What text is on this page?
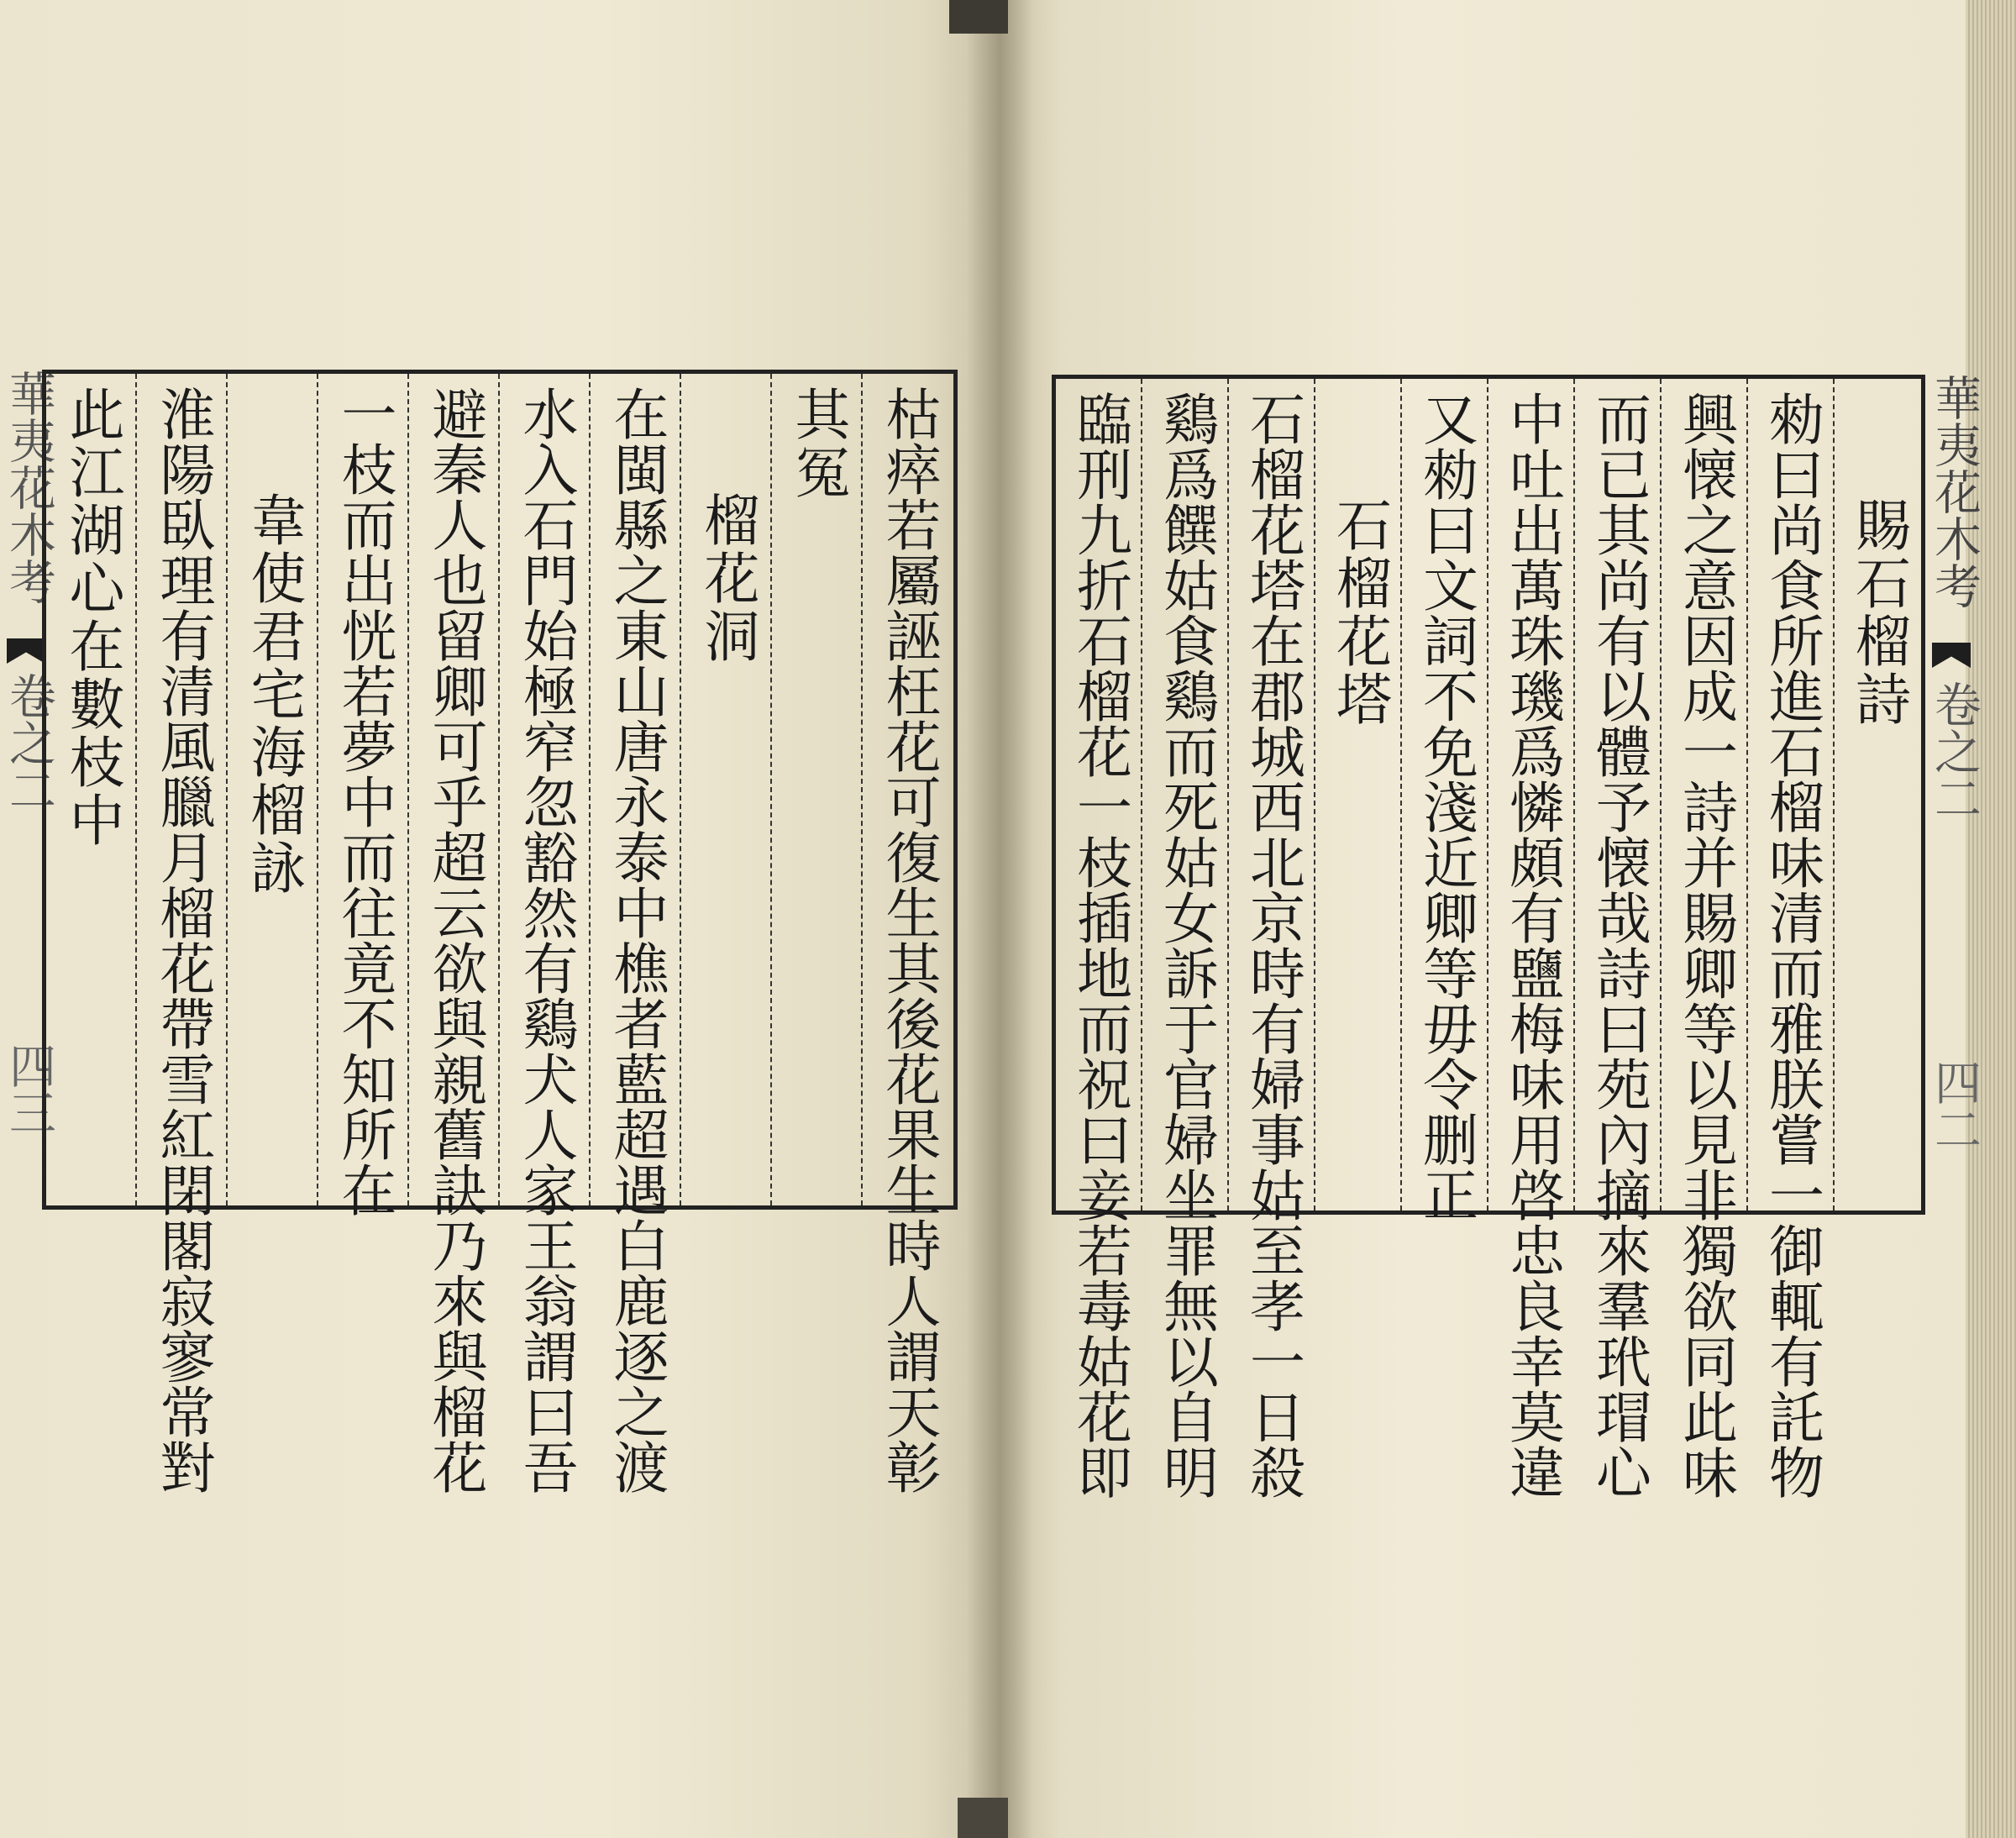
華夷花木考
卷之二
四三	枯瘁若屬誣枉花可復生其後花果生時人謂天彰
其冤
榴花洞
在閩縣之東山唐永泰中樵者藍超遇白鹿逐之渡
水入石門始極窄忽豁然有鷄犬人家王翁謂曰吾
避秦人也留卿可乎超云欲與親舊訣乃來與榴花
一枝而出恍若夢中而往竟不知所在
韋使君宅海榴詠
淮陽臥理有清風臘月榴花帶雪紅閉閣寂寥常對
此江湖心在數枝中	賜石榴詩
勑曰尚食所進石榴味清而雅朕嘗一御輒有託物
興懐之意因成一詩并賜卿等以見非獨欲同此味
而已其尚有以體予懐哉詩曰苑內摘來羣玳瑁心
中吐出萬珠璣爲憐頗有鹽梅味用啓忠良幸莫違
又勑曰文詞不免淺近卿等毋令删正
石榴花塔
石榴花塔在郡城西北京時有婦事姑至孝一日殺
鷄爲饌姑食鷄而死姑女訴于官婦坐罪無以自明
臨刑九折石榴花一枝插地而祝曰妾若毒姑花即	華夷花木考
卷之二
四二
